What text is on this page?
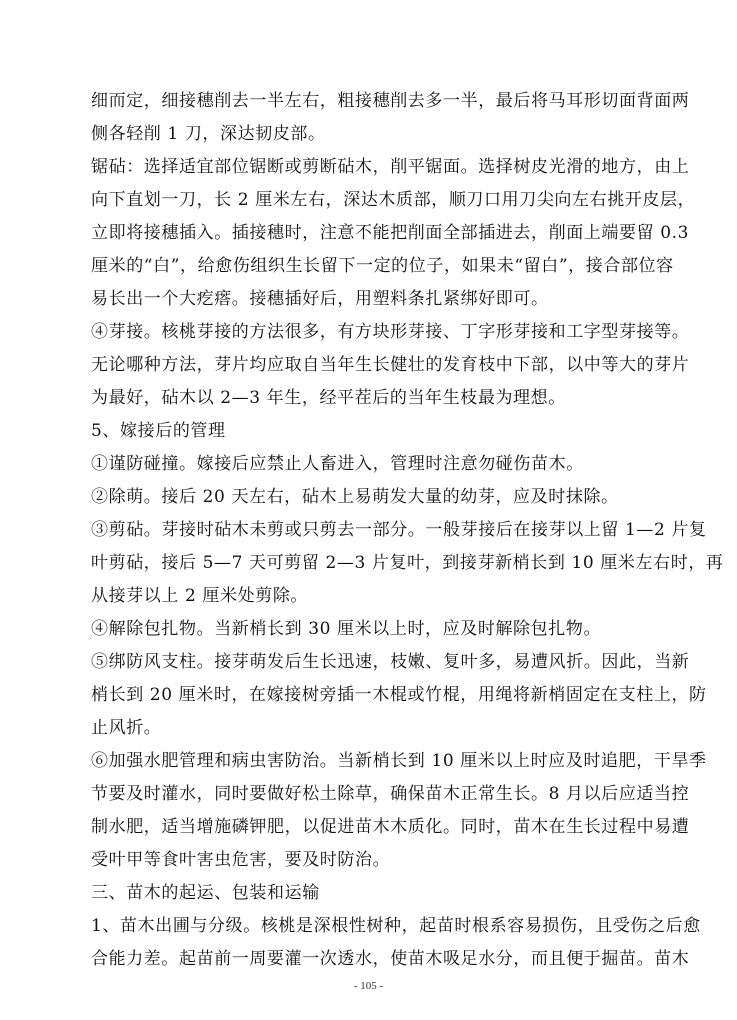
细而定，细接穗削去一半左右，粗接穗削去多一半，最后将马耳形切面背面两
侧各轻削 1 刀，深达韧皮部。
锯砧：选择适宜部位锯断或剪断砧木，削平锯面。选择树皮光滑的地方，由上
向下直划一刀，长 2 厘米左右，深达木质部，顺刀口用刀尖向左右挑开皮层，
立即将接穗插入。插接穗时，注意不能把削面全部插进去，削面上端要留 0.3
厘米的“白”，给愈伤组织生长留下一定的位子，如果未“留白”，接合部位容
易长出一个大疙瘩。接穗插好后，用塑料条扎紧绑好即可。
④芽接。核桃芽接的方法很多，有方块形芽接、丁字形芽接和工字型芽接等。
无论哪种方法，芽片均应取自当年生长健壮的发育枝中下部，以中等大的芽片
为最好，砧木以 2—3 年生，经平茬后的当年生枝最为理想。
5、嫁接后的管理
①谨防碰撞。嫁接后应禁止人畜进入，管理时注意勿碰伤苗木。
②除萌。接后 20 天左右，砧木上易萌发大量的幼芽，应及时抹除。
③剪砧。芽接时砧木未剪或只剪去一部分。一般芽接后在接芽以上留 1—2 片复
叶剪砧，接后 5—7 天可剪留 2—3 片复叶，到接芽新梢长到 10 厘米左右时，再
从接芽以上 2 厘米处剪除。
④解除包扎物。当新梢长到 30 厘米以上时，应及时解除包扎物。
⑤绑防风支柱。接芽萌发后生长迅速，枝嫩、复叶多，易遭风折。因此，当新
梢长到 20 厘米时，在嫁接树旁插一木棍或竹棍，用绳将新梢固定在支柱上，防
止风折。
⑥加强水肥管理和病虫害防治。当新梢长到 10 厘米以上时应及时追肥，干旱季
节要及时灌水，同时要做好松土除草，确保苗木正常生长。8 月以后应适当控
制水肥，适当增施磷钾肥，以促进苗木木质化。同时，苗木在生长过程中易遭
受叶甲等食叶害虫危害，要及时防治。
三、苗木的起运、包装和运输
1、苗木出圃与分级。核桃是深根性树种，起苗时根系容易损伤，且受伤之后愈
合能力差。起苗前一周要灌一次透水，使苗木吸足水分，而且便于掘苗。苗木
- 105 -
